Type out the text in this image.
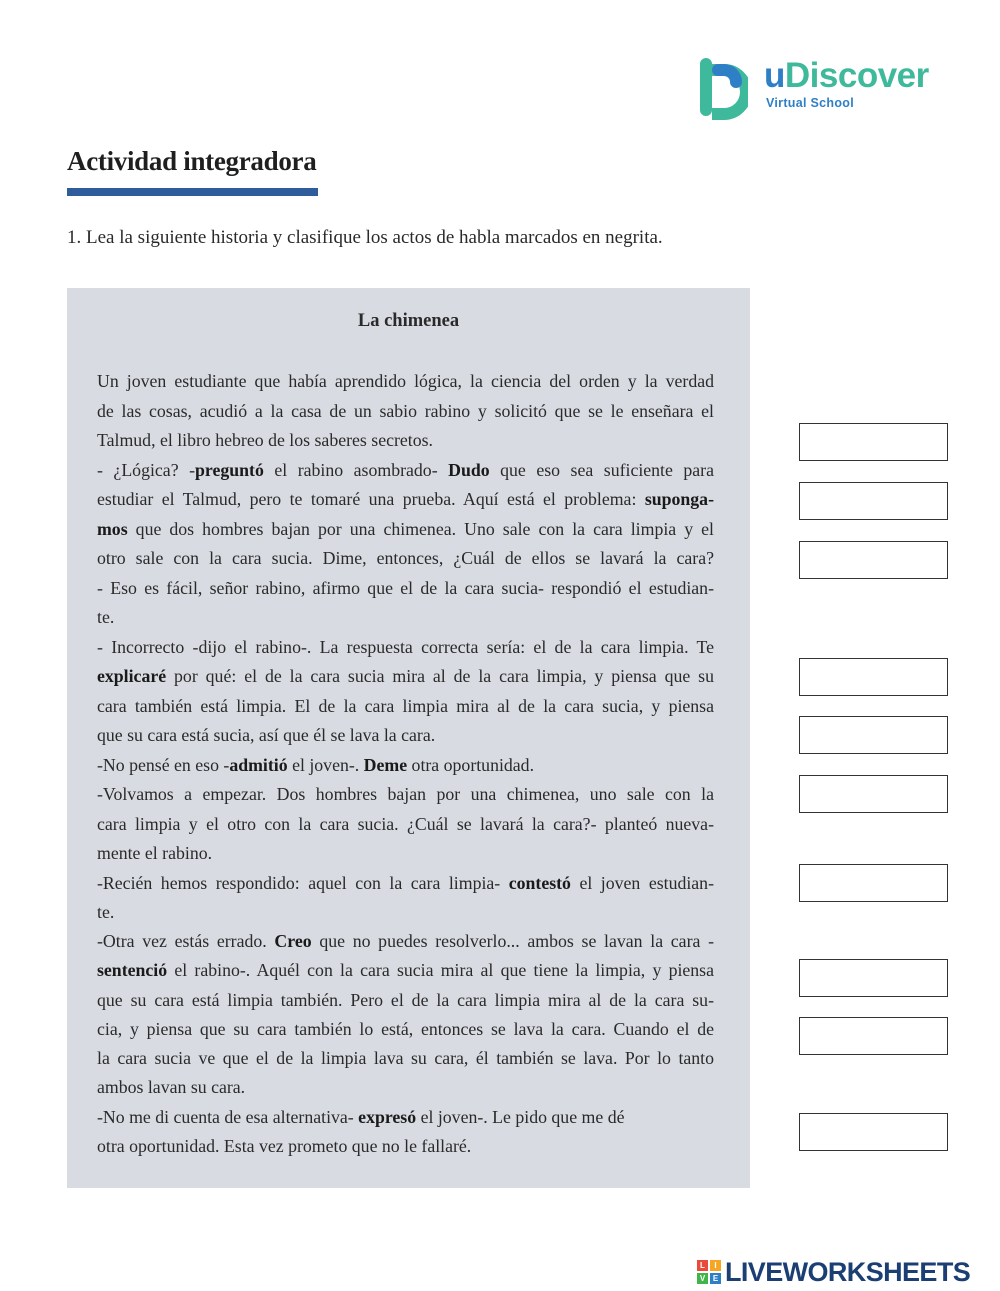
uDiscover
Virtual School
Actividad integradora

1. Lea la siguiente historia y clasifique los actos de habla marcados en negrita.

La chimenea

Un joven estudiante que había aprendido lógica, la ciencia del orden y la verdad
de las cosas, acudió a la casa de un sabio rabino y solicitó que se le enseñara el
Talmud, el libro hebreo de los saberes secretos.
- ¿Lógica? -preguntó el rabino asombrado- Dudo que eso sea suficiente para
estudiar el Talmud, pero te tomaré una prueba. Aquí está el problema: suponga-
mos que dos hombres bajan por una chimenea. Uno sale con la cara limpia y el
otro sale con la cara sucia. Dime, entonces, ¿Cuál de ellos se lavará la cara?
- Eso es fácil, señor rabino, afirmo que el de la cara sucia- respondió el estudian-
te.
- Incorrecto -dijo el rabino-. La respuesta correcta sería: el de la cara limpia. Te
explicaré por qué: el de la cara sucia mira al de la cara limpia, y piensa que su
cara también está limpia. El de la cara limpia mira al de la cara sucia, y piensa
que su cara está sucia, así que él se lava la cara.
-No pensé en eso -admitió el joven-. Deme otra oportunidad.
-Volvamos a empezar. Dos hombres bajan por una chimenea, uno sale con la
cara limpia y el otro con la cara sucia. ¿Cuál se lavará la cara?- planteó nueva-
mente el rabino.
-Recién hemos respondido: aquel con la cara limpia- contestó el joven estudian-
te.
-Otra vez estás errado. Creo que no puedes resolverlo... ambos se lavan la cara -
sentenció el rabino-. Aquél con la cara sucia mira al que tiene la limpia, y piensa
que su cara está limpia también. Pero el de la cara limpia mira al de la cara su-
cia, y piensa que su cara también lo está, entonces se lava la cara. Cuando el de
la cara sucia ve que el de la limpia lava su cara, él también se lava. Por lo tanto
ambos lavan su cara.
-No me di cuenta de esa alternativa- expresó el joven-. Le pido que me dé
otra oportunidad. Esta vez prometo que no le fallaré.
L	I
V E LIVEWORKSHEETS
